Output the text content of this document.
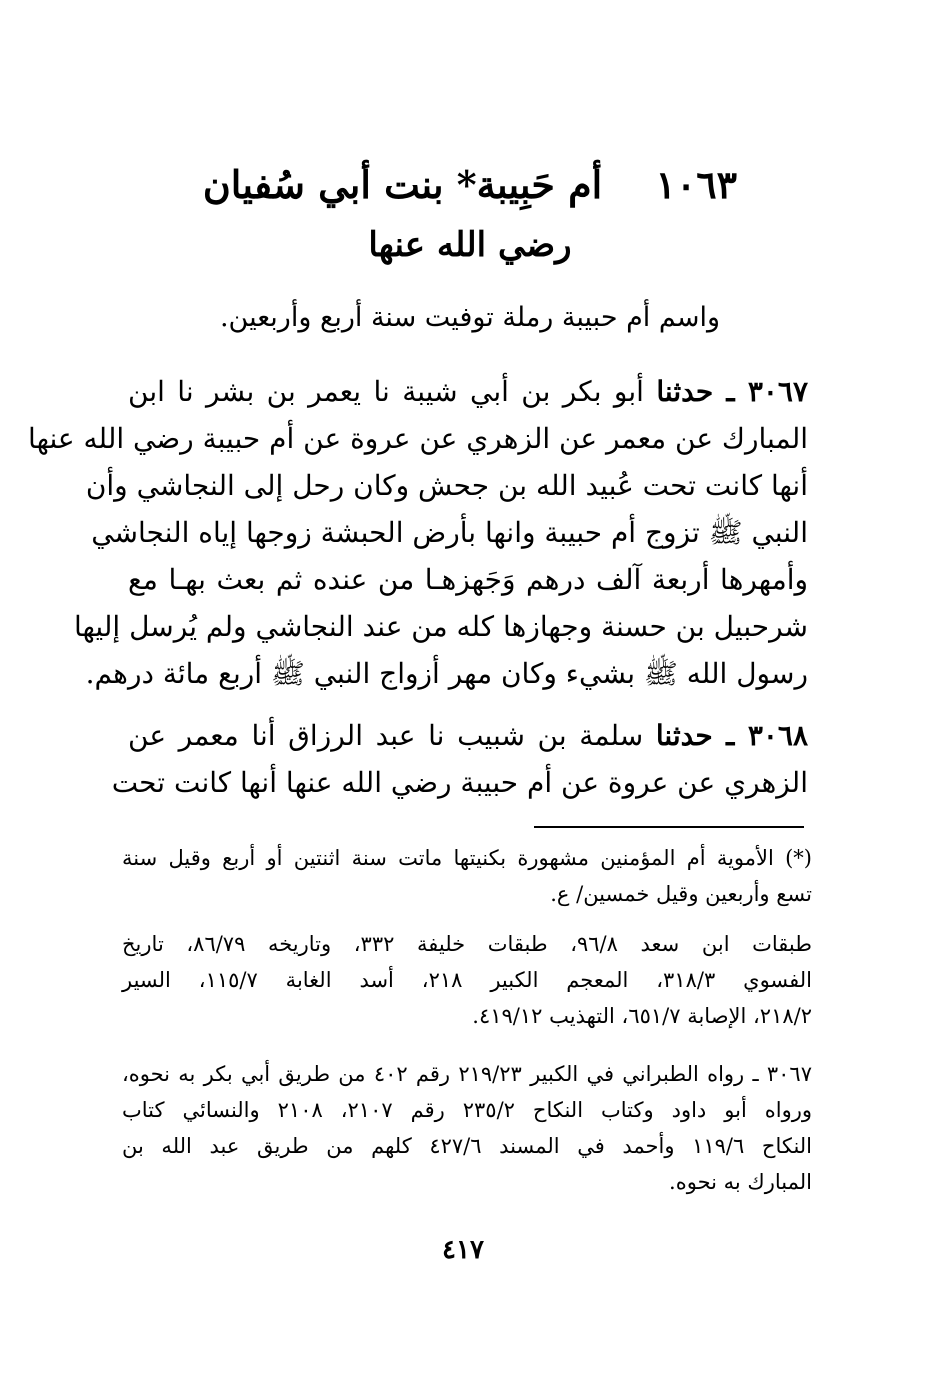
١٠٦٣ أم حَبِيبة* بنت أبي سُفيان
رضي الله عنها
واسم أم حبيبة رملة توفيت سنة أربع وأربعين.
٣٠٦٧ ـ حدثنا أبو بكر بن أبي شيبة نا يعمر بن بشر نا ابن
المبارك عن معمر عن الزهري عن عروة عن أم حبيبة رضي الله عنها
أنها كانت تحت عُبيد الله بن جحش وكان رحل إلى النجاشي وأن
النبي ﷺ تزوج أم حبيبة وانها بأرض الحبشة زوجها إياه النجاشي
وأمهرها أربعة آلف درهم وَجَهزهـا من عنده ثم بعث بهـا مع
شرحبيل بن حسنة وجهازها كله من عند النجاشي ولم يُرسل إليها
رسول الله ﷺ بشيء وكان مهر أزواج النبي ﷺ أربع مائة درهم.
٣٠٦٨ ـ حدثنا سلمة بن شبيب نا عبد الرزاق أنا معمر عن
الزهري عن عروة عن أم حبيبة رضي الله عنها أنها كانت تحت
(*) الأموية أم المؤمنين مشهورة بكنيتها ماتت سنة اثنتين أو أربع وقيل سنة
تسع وأربعين وقيل خمسين/ ع.
طبقات ابن سعد ٩٦/٨، طبقات خليفة ٣٣٢، وتاريخه ٨٦/٧٩، تاريخ
الفسوي ٣١٨/٣، المعجم الكبير ٢١٨، أسد الغابة ١١٥/٧، السير
٢١٨/٢، الإصابة ٦٥١/٧، التهذيب ٤١٩/١٢.
٣٠٦٧ ـ رواه الطبراني في الكبير ٢١٩/٢٣ رقم ٤٠٢ من طريق أبي بكر به نحوه،
ورواه أبو داود وكتاب النكاح ٢٣٥/٢ رقم ٢١٠٧، ٢١٠٨ والنسائي كتاب
النكاح ١١٩/٦ وأحمد في المسند ٤٢٧/٦ كلهم من طريق عبد الله بن
المبارك به نحوه.
٤١٧
